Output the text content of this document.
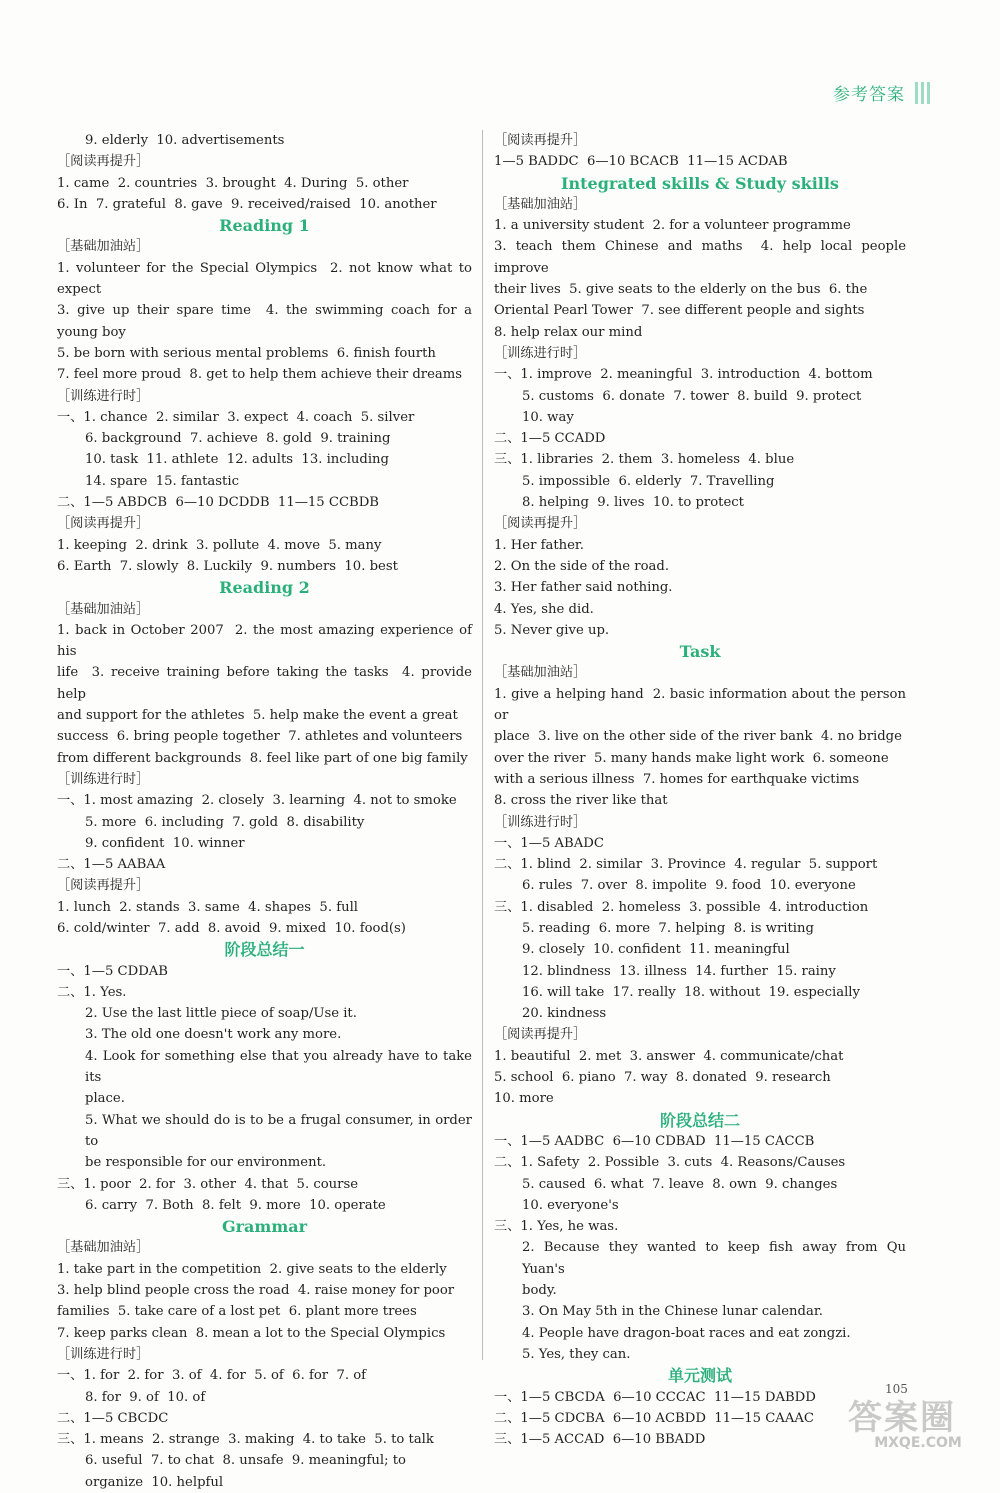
参考答案
9. elderly  10. advertisements
［阅读再提升］
1. came  2. countries  3. brought  4. During  5. other
6. In  7. grateful  8. gave  9. received/raised  10. another
Reading 1
［基础加油站］
1. volunteer for the Special Olympics  2. not know what to expect
3. give up their spare time  4. the swimming coach for a young boy
5. be born with serious mental problems  6. finish fourth
7. feel more proud  8. get to help them achieve their dreams
［训练进行时］
一、1. chance  2. similar  3. expect  4. coach  5. silver
6. background  7. achieve  8. gold  9. training
10. task  11. athlete  12. adults  13. including
14. spare  15. fantastic
二、1—5 ABDCB  6—10 DCDDB  11—15 CCBDB
［阅读再提升］
1. keeping  2. drink  3. pollute  4. move  5. many
6. Earth  7. slowly  8. Luckily  9. numbers  10. best
Reading 2
［基础加油站］
1. back in October 2007  2. the most amazing experience of his
life  3. receive training before taking the tasks  4. provide help
and support for the athletes  5. help make the event a great
success  6. bring people together  7. athletes and volunteers
from different backgrounds  8. feel like part of one big family
［训练进行时］
一、1. most amazing  2. closely  3. learning  4. not to smoke
5. more  6. including  7. gold  8. disability
9. confident  10. winner
二、1—5 AABAA
［阅读再提升］
1. lunch  2. stands  3. same  4. shapes  5. full
6. cold/winter  7. add  8. avoid  9. mixed  10. food(s)
阶段总结一
一、1—5 CDDAB
二、1. Yes.
2. Use the last little piece of soap/Use it.
3. The old one doesn't work any more.
4. Look for something else that you already have to take its
place.
5. What we should do is to be a frugal consumer, in order to
be responsible for our environment.
三、1. poor  2. for  3. other  4. that  5. course
6. carry  7. Both  8. felt  9. more  10. operate
Grammar
［基础加油站］
1. take part in the competition  2. give seats to the elderly
3. help blind people cross the road  4. raise money for poor
families  5. take care of a lost pet  6. plant more trees
7. keep parks clean  8. mean a lot to the Special Olympics
［训练进行时］
一、1. for  2. for  3. of  4. for  5. of  6. for  7. of
8. for  9. of  10. of
二、1—5 CBCDC
三、1. means  2. strange  3. making  4. to take  5. to talk
6. useful  7. to chat  8. unsafe  9. meaningful; to
organize  10. helpful
［阅读再提升］
1—5 BADDC  6—10 BCACB  11—15 ACDAB
Integrated skills & Study skills
［基础加油站］
1. a university student  2. for a volunteer programme
3. teach them Chinese and maths  4. help local people improve
their lives  5. give seats to the elderly on the bus  6. the
Oriental Pearl Tower  7. see different people and sights
8. help relax our mind
［训练进行时］
一、1. improve  2. meaningful  3. introduction  4. bottom
5. customs  6. donate  7. tower  8. build  9. protect
10. way
二、1—5 CCADD
三、1. libraries  2. them  3. homeless  4. blue
5. impossible  6. elderly  7. Travelling
8. helping  9. lives  10. to protect
［阅读再提升］
1. Her father.
2. On the side of the road.
3. Her father said nothing.
4. Yes, she did.
5. Never give up.
Task
［基础加油站］
1. give a helping hand  2. basic information about the person or
place  3. live on the other side of the river bank  4. no bridge
over the river  5. many hands make light work  6. someone
with a serious illness  7. homes for earthquake victims
8. cross the river like that
［训练进行时］
一、1—5 ABADC
二、1. blind  2. similar  3. Province  4. regular  5. support
6. rules  7. over  8. impolite  9. food  10. everyone
三、1. disabled  2. homeless  3. possible  4. introduction
5. reading  6. more  7. helping  8. is writing
9. closely  10. confident  11. meaningful
12. blindness  13. illness  14. further  15. rainy
16. will take  17. really  18. without  19. especially
20. kindness
［阅读再提升］
1. beautiful  2. met  3. answer  4. communicate/chat
5. school  6. piano  7. way  8. donated  9. research
10. more
阶段总结二
一、1—5 AADBC  6—10 CDBAD  11—15 CACCB
二、1. Safety  2. Possible  3. cuts  4. Reasons/Causes
5. caused  6. what  7. leave  8. own  9. changes
10. everyone's
三、1. Yes, he was.
2. Because they wanted to keep fish away from Qu Yuan's
body.
3. On May 5th in the Chinese lunar calendar.
4. People have dragon-boat races and eat zongzi.
5. Yes, they can.
单元测试
一、1—5 CBCDA  6—10 CCCAC  11—15 DABDD
二、1—5 CDCBA  6—10 ACBDD  11—15 CAAAC
三、1—5 ACCAD  6—10 BBADD
105
答案圈
MXQE.COM
